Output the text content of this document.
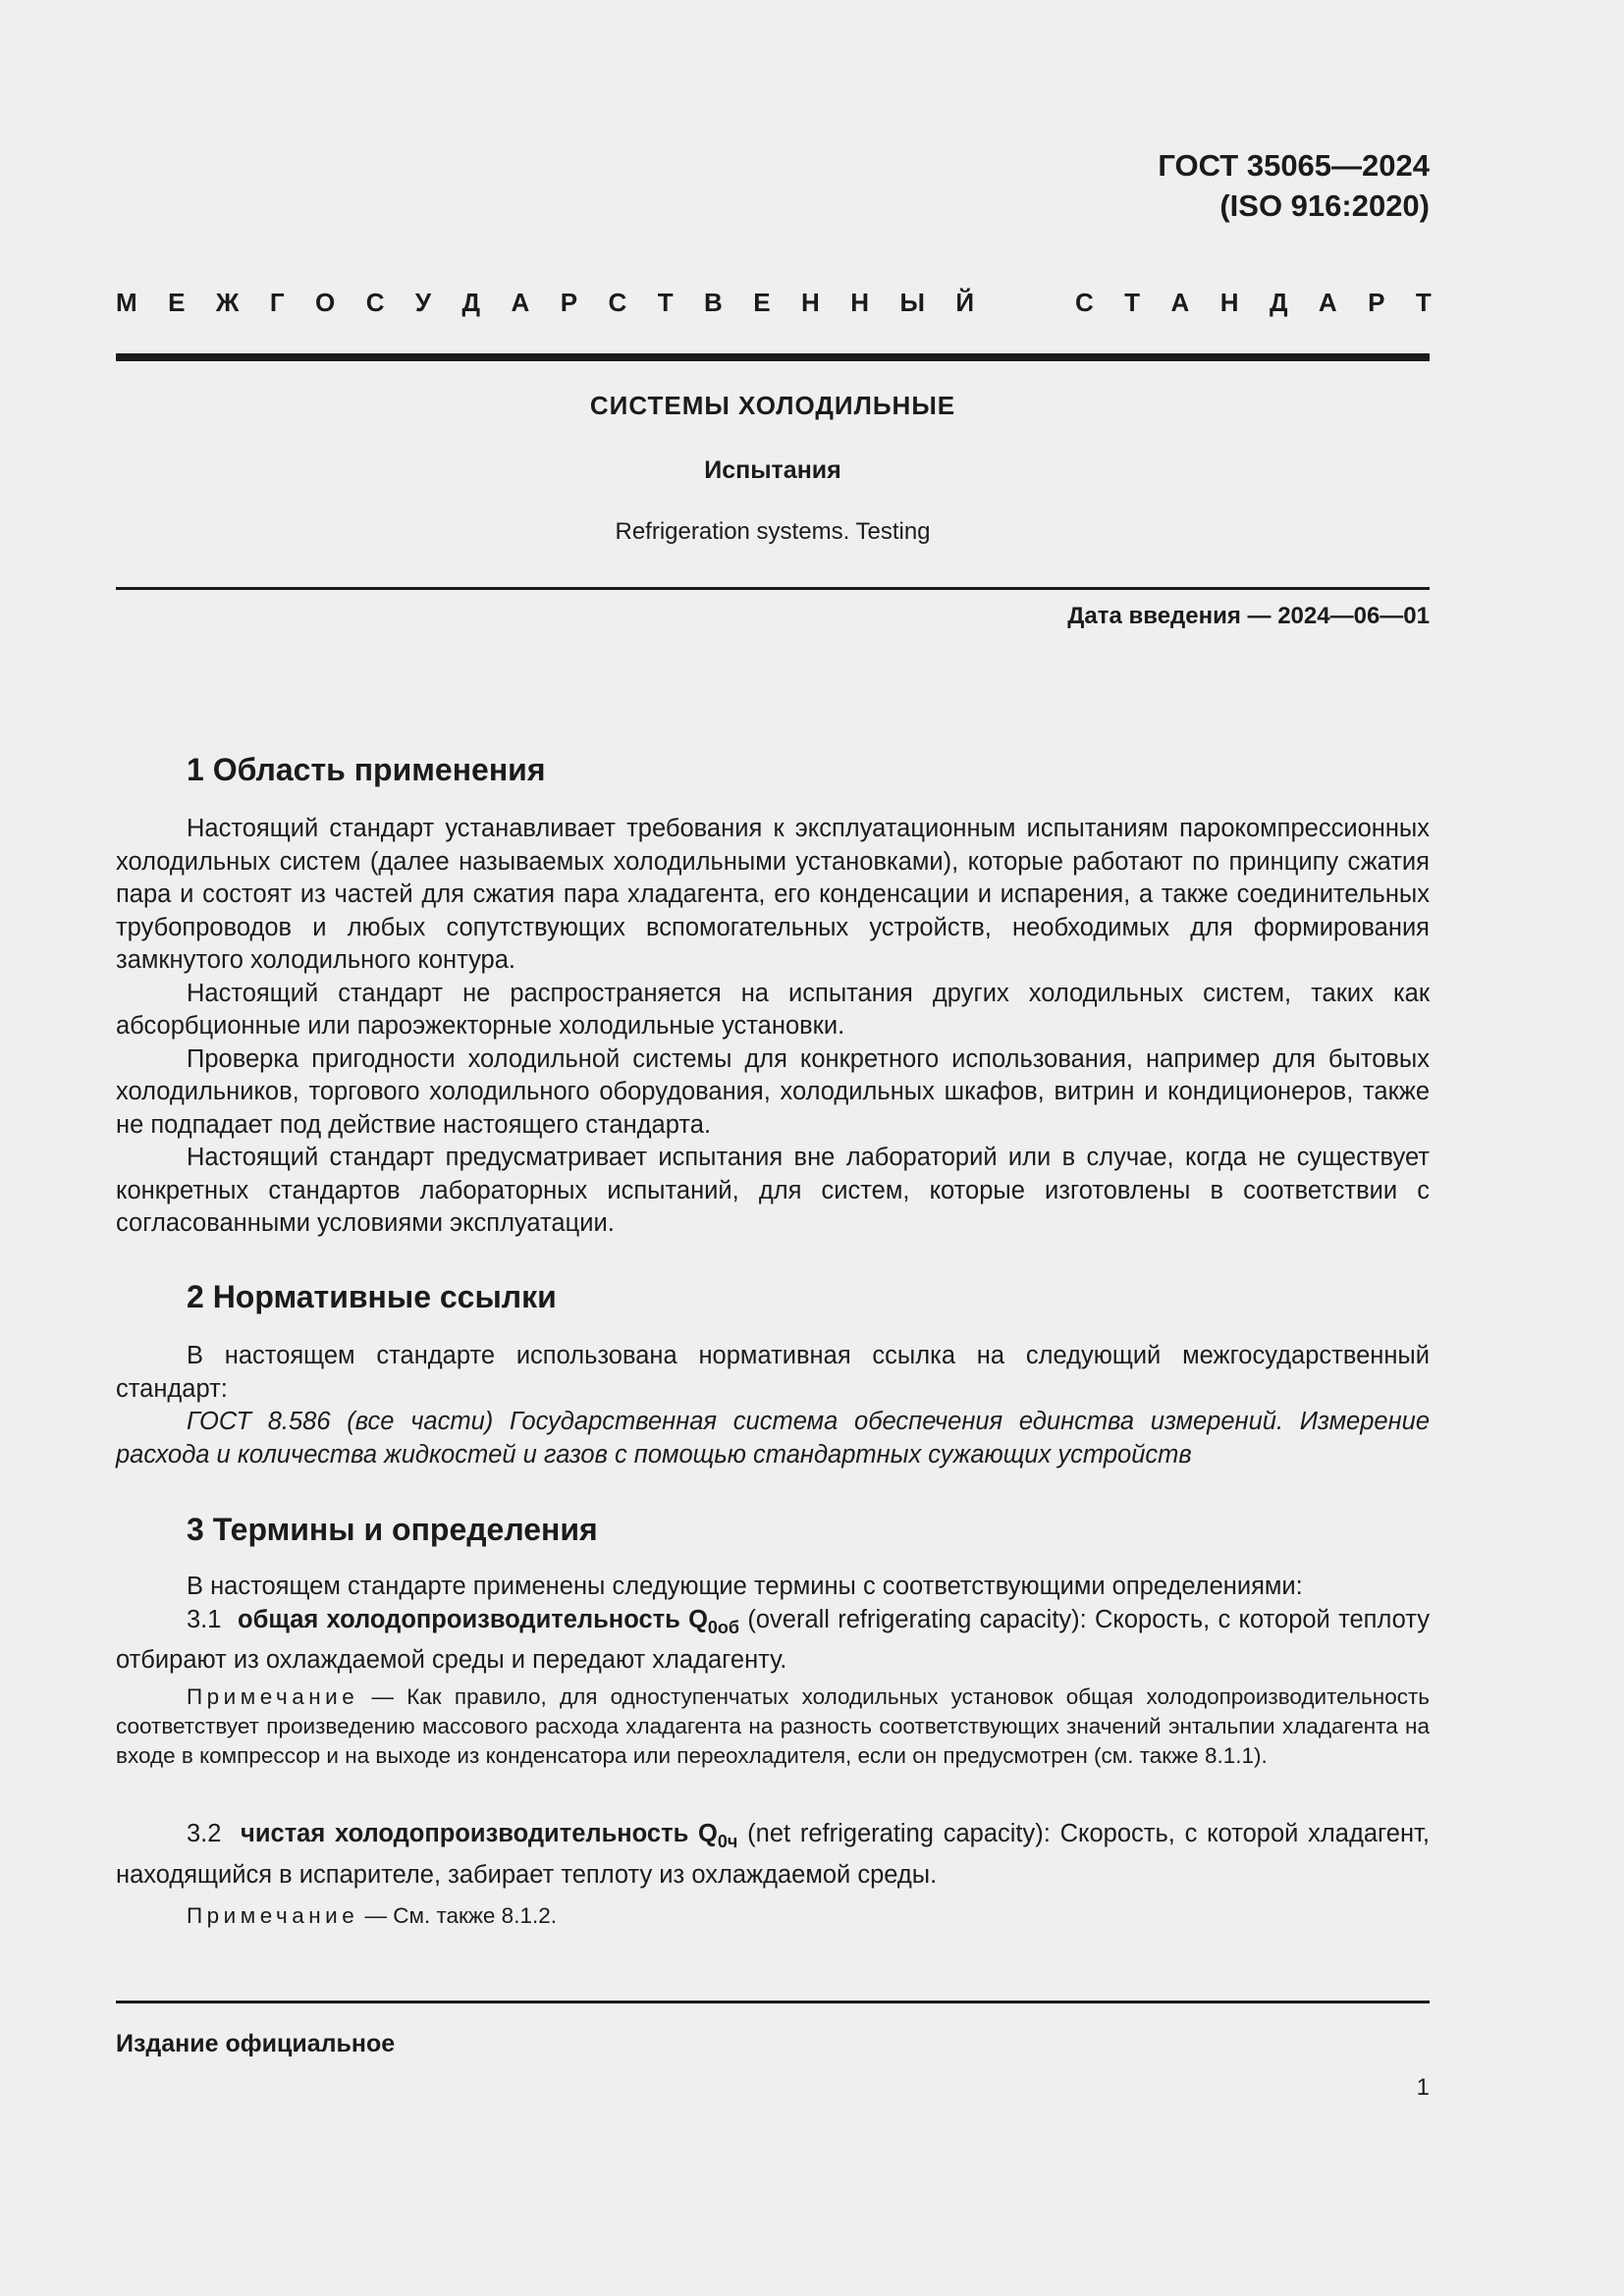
ГОСТ 35065—2024
(ISO 916:2020)
М Е Ж Г О С У Д А Р С Т В Е Н Н Ы Й	С Т А Н Д А Р Т
СИСТЕМЫ ХОЛОДИЛЬНЫЕ
Испытания
Refrigeration systems. Testing
Дата введения — 2024—06—01
1 Область применения

Настоящий стандарт устанавливает требования к эксплуатационным испытаниям парокомпрессионных холодильных систем (далее называемых холодильными установками), которые работают по принципу сжатия пара и состоят из частей для сжатия пара хладагента, его конденсации и испарения, а также соединительных трубопроводов и любых сопутствующих вспомогательных устройств, необходимых для формирования замкнутого холодильного контура.

Настоящий стандарт не распространяется на испытания других холодильных систем, таких как абсорбционные или пароэжекторные холодильные установки.

Проверка пригодности холодильной системы для конкретного использования, например для бытовых холодильников, торгового холодильного оборудования, холодильных шкафов, витрин и кондиционеров, также не подпадает под действие настоящего стандарта.

Настоящий стандарт предусматривает испытания вне лабораторий или в случае, когда не существует конкретных стандартов лабораторных испытаний, для систем, которые изготовлены в соответствии с согласованными условиями эксплуатации.

2 Нормативные ссылки

В настоящем стандарте использована нормативная ссылка на следующий межгосударственный стандарт:

ГОСТ 8.586 (все части) Государственная система обеспечения единства измерений. Измерение расхода и количества жидкостей и газов с помощью стандартных сужающих устройств

3 Термины и определения

В настоящем стандарте применены следующие термины с соответствующими определениями:

3.1 общая холодопроизводительность $Q_{0об}$ (overall refrigerating capacity): Скорость, с которой теплоту отбирают из охлаждаемой среды и передают хладагенту.

Примечание — Как правило, для одноступенчатых холодильных установок общая холодопроизводительность соответствует произведению массового расхода хладагента на разность соответствующих значений энтальпии хладагента на входе в компрессор и на выходе из конденсатора или переохладителя, если он предусмотрен (см. также 8.1.1).

3.2 чистая холодопроизводительность $Q_{0ч}$ (net refrigerating capacity): Скорость, с которой хладагент, находящийся в испарителе, забирает теплоту из охлаждаемой среды.

Примечание — См. также 8.1.2.
Издание официальное
1
